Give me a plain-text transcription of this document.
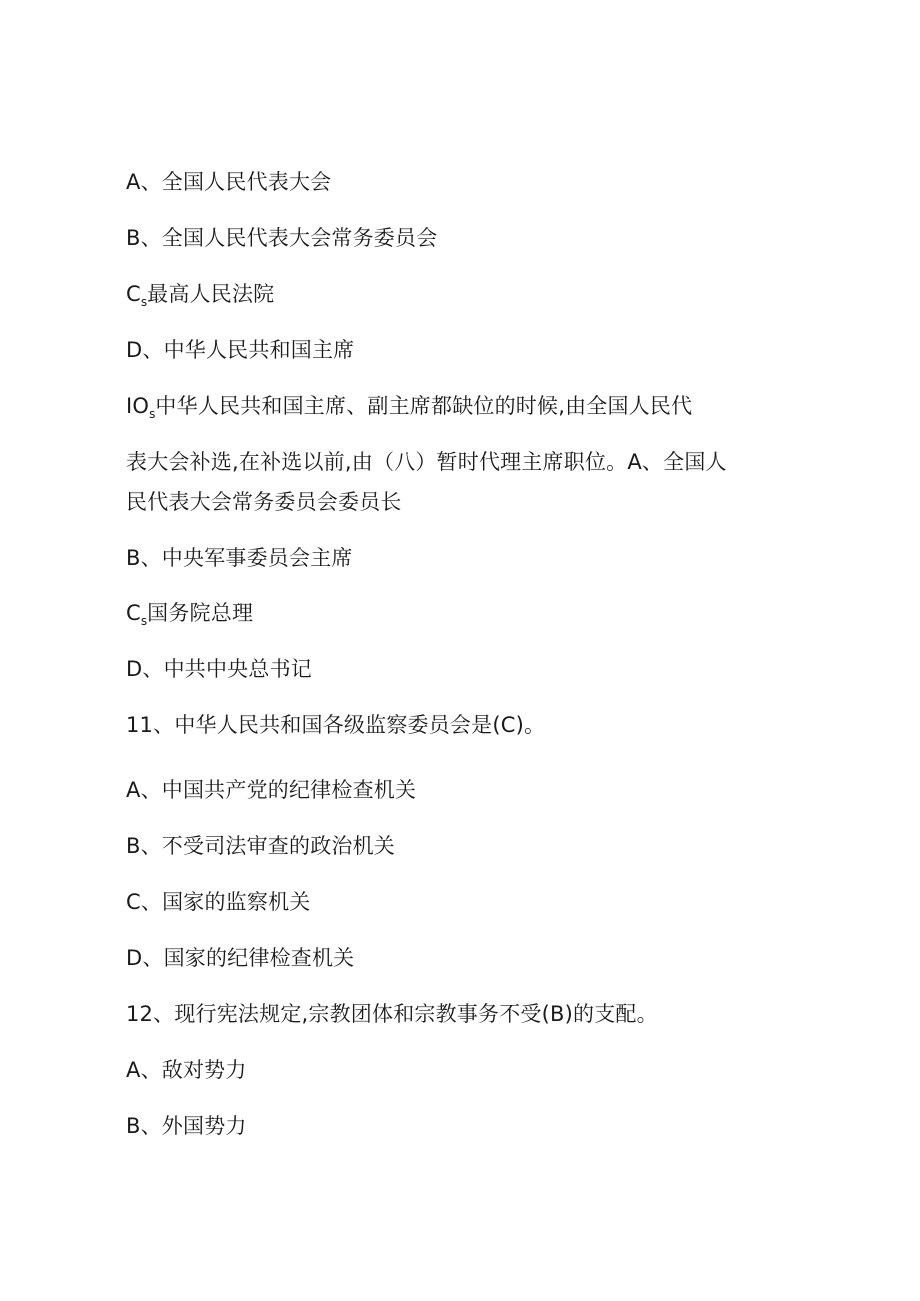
A、全国人民代表大会
B、全国人民代表大会常务委员会
$C_s$最高人民法院
D、中华人民共和国主席
$IO_s$中华人民共和国主席、副主席都缺位的时候,由全国人民代
表大会补选,在补选以前,由（八）暂时代理主席职位。A、全国人
民代表大会常务委员会委员长
B、中央军事委员会主席
$C_s$国务院总理
D、中共中央总书记
11、中华人民共和国各级监察委员会是(C)。
A、中国共产党的纪律检查机关
B、不受司法审查的政治机关
C、国家的监察机关
D、国家的纪律检查机关
12、现行宪法规定,宗教团体和宗教事务不受(B)的支配。
A、敌对势力
B、外国势力
